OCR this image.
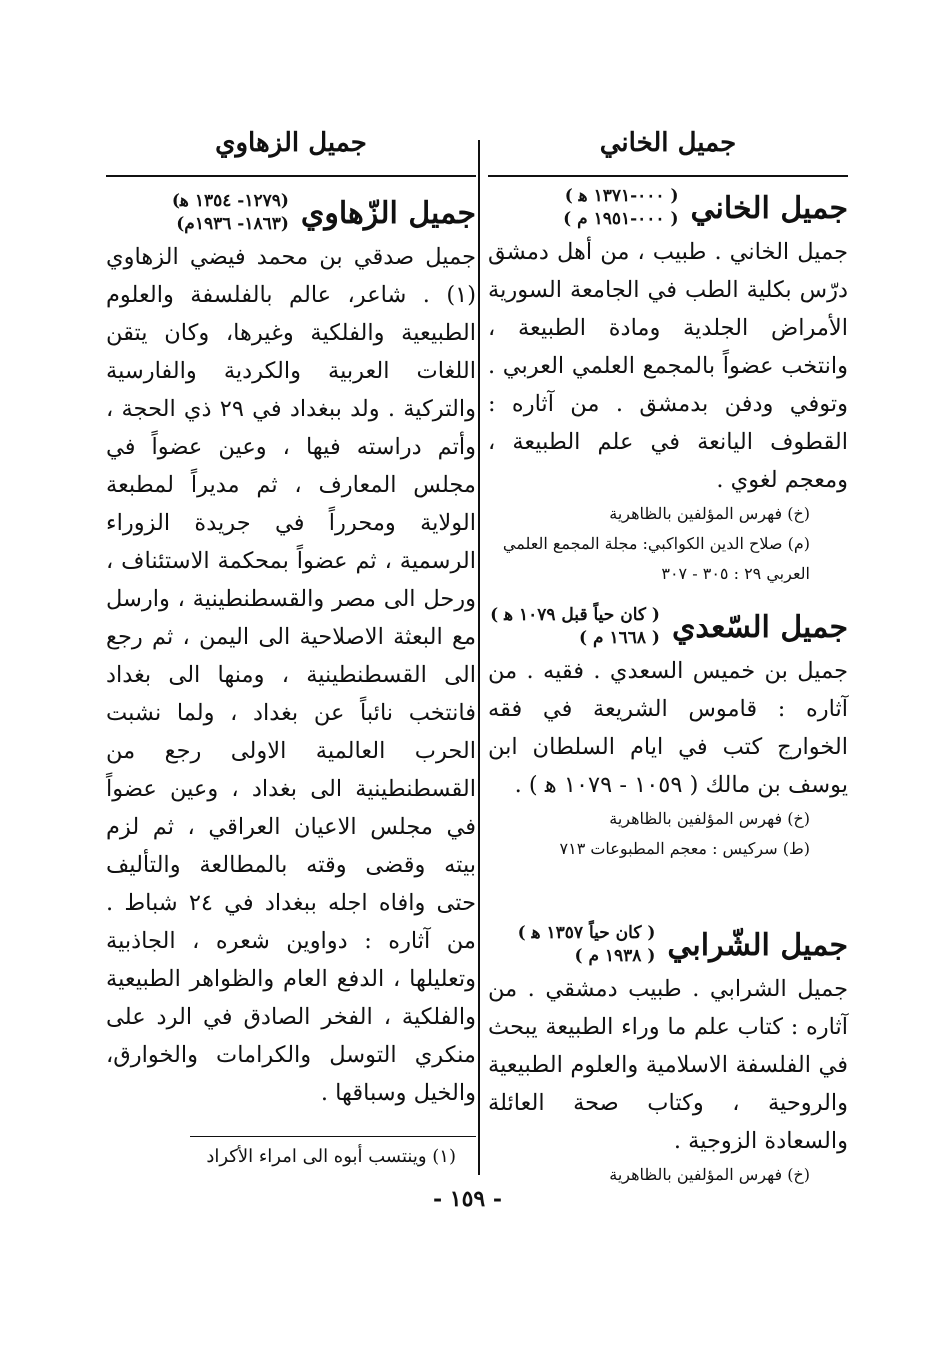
جميل الخاني
جميل الخاني
( ٠٠٠-١٣٧١ ﻫ )
( ٠٠٠-١٩٥١ م )

جميل الخاني . طبيب ، من أهل دمشق درّس بكلية الطب في الجامعة السورية الأمراض الجلدية ومادة الطبيعة ، وانتخب عضواً بالمجمع العلمي العربي . وتوفي ودفن بدمشق . من آثاره : القطوف اليانعة في علم الطبيعة ، ومعجم لغوي .

(خ) فهرس المؤلفين بالظاهرية
(م) صلاح الدين الكواكبي: مجلة المجمع العلمي العربي ٢٩ : ٣٠٥ - ٣٠٧
جميل السّعدي
( كان حياً قبل ١٠٧٩ ﻫ )
( ١٦٦٨ م )

جميل بن خميس السعدي . فقيه . من آثاره : قاموس الشريعة في فقه الخوارج كتب في ايام السلطان ابن يوسف بن مالك ( ١٠٥٩ - ١٠٧٩ ﻫ ) .

(خ) فهرس المؤلفين بالظاهرية
(ط) سركيس : معجم المطبوعات ٧١٣
جميل الشّرابي
( كان حياً ١٣٥٧ ﻫ )
( ١٩٣٨ م )

جميل الشرابي . طبيب دمشقي . من آثاره : كتاب علم ما وراء الطبيعة يبحث في الفلسفة الاسلامية والعلوم الطبيعية والروحية ، وكتاب صحة العائلة والسعادة الزوجية .

(خ) فهرس المؤلفين بالظاهرية
جميل الزهاوي
جميل الزّهاوي
(١٢٧٩- ١٣٥٤ ﻫ)
(١٨٦٣- ١٩٣٦م)

جميل صدقي بن محمد فيضي الزهاوي (١) . شاعر، عالم بالفلسفة والعلوم الطبيعية والفلكية وغيرها، وكان يتقن اللغات العربية والكردية والفارسية والتركية . ولد ببغداد في ٢٩ ذي الحجة ، وأتم دراسته فيها ، وعين عضواً في مجلس المعارف ، ثم مديراً لمطبعة الولاية ومحرراً في جريدة الزوراء الرسمية ، ثم عضواً بمحكمة الاستئناف ، ورحل الى مصر والقسطنطينية ، وارسل مع البعثة الاصلاحية الى اليمن ، ثم رجع الى القسطنطينية ، ومنها الى بغداد فانتخب نائباً عن بغداد ، ولما نشبت الحرب العالمية الاولى رجع من القسطنطينية الى بغداد ، وعين عضواً في مجلس الاعيان العراقي ، ثم لزم بيته وقضى وقته بالمطالعة والتأليف حتى وافاه اجله ببغداد في ٢٤ شباط . من آثاره : دواوين شعره ، الجاذبية وتعليلها ، الدفع العام والظواهر الطبيعية والفلكية ، الفخر الصادق في الرد على منكري التوسل والكرامات والخوارق، والخيل وسباقها .

(١) وينتسب أبوه الى امراء الأكراد
- ١٥٩ -
